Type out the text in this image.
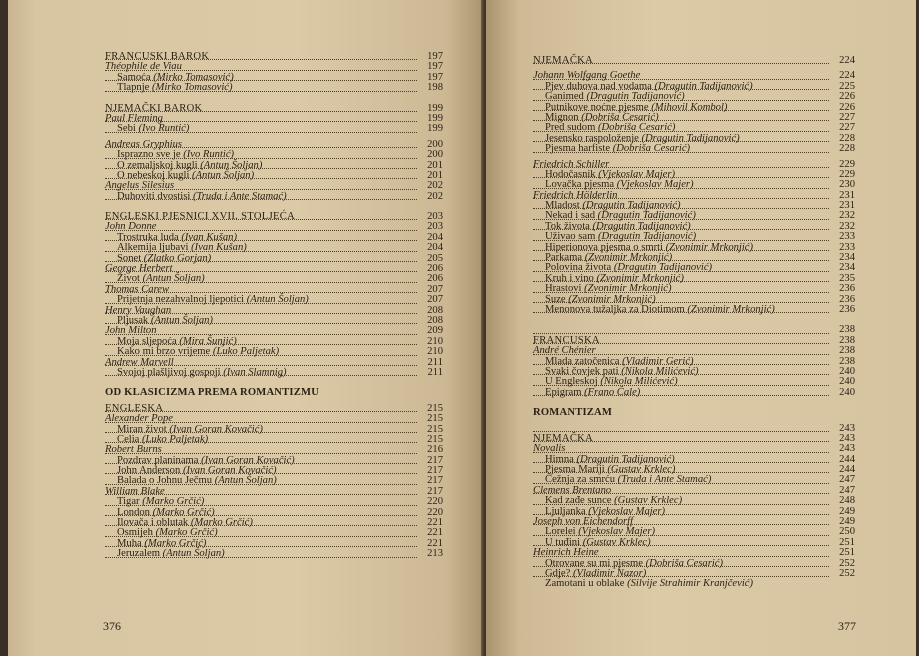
FRANCUSKI BAROK	197
Théophile de Viau	197
Samoća (Mirko Tomasović)	197
Tlapnje (Mirko Tomasović)	198
NJEMAČKI BAROK	199
Paul Fleming	199
Sebi (Ivo Runtić)	199
Andreas Gryphius	200
Isprazno sve je (Ivo Runtić)	200
O zemaljskoj kugli (Antun Šoljan)	201
O nebeskoj kugli (Antun Šoljan)	201
Angelus Silesius	202
Duhoviti dvostisi (Truda i Ante Stamać)	202
ENGLESKI PJESNICI XVII. STOLJEĆA	203
John Donne	203
Trostruka luda (Ivan Kušan)	204
Alkemija ljubavi (Ivan Kušan)	204
Sonet (Zlatko Gorjan)	205
George Herbert	206
Život (Antun Šoljan)	206
Thomas Carew	207
Prijetnja nezahvalnoj ljepotici (Antun Šoljan)	207
Henry Vaughan	208
Pljusak (Antun Šoljan)	208
John Milton	209
Moja sljepoća (Mira Šunjić)	210
Kako mi brzo vrijeme (Luko Paljetak)	210
Andrew Marvell	211
Svojoj plašljivoj gospoji (Ivan Slamnig)	211
OD KLASICIZMA PREMA ROMANTIZMU
ENGLESKA	215
Alexander Pope	215
Miran život (Ivan Goran Kovačić)	215
Celia (Luko Paljetak)	215
Robert Burns	216
Pozdrav planinama (Ivan Goran Kovačić)	217
John Anderson (Ivan Goran Kovačić)	217
Balada o Johnu Ječmu (Antun Šoljan)	217
William Blake	217
Tigar (Marko Grčić)	220
London (Marko Grčić)	220
Ilovača i oblutak (Marko Grčić)	221
Osmijeh (Marko Grčić)	221
Muha (Marko Grčić)	221
Jeruzalem (Antun Šoljan)	213
376
NJEMAČKA	224
Johann Wolfgang Goethe	224
Pjev duhova nad vodama (Dragutin Tadijanović)	225
Ganimed (Dragutin Tadijanović)	226
Putnikove noćne pjesme (Mihovil Kombol)	226
Mignon (Dobriša Cesarić)	227
Pred sudom (Dobriša Cesarić)	227
Jesensko raspoloženje (Dragutin Tadijanović)	228
Pjesma harfiste (Dobriša Cesarić)	228
Friedrich Schiller	229
Hodočasnik (Vjekoslav Majer)	229
Lovačka pjesma (Vjekoslav Majer)	230
Friedrich Hölderlin	231
Mladost (Dragutin Tadijanović)	231
Nekad i sad (Dragutin Tadijanović)	232
Tok života (Dragutin Tadijanović)	232
Uživao sam (Dragutin Tadijanović)	233
Hiperionova pjesma o smrti (Zvonimir Mrkonjić)	233
Parkama (Zvonimir Mrkonjić)	234
Polovina života (Dragutin Tadijanović)	234
Kruh i vino (Zvonimir Mrkonjić)	235
Hrastovi (Zvonimir Mrkonjić)	236
Suze (Zvonimir Mrkonjić)	236
Menonova tužaljka za Diotimom (Zvonimir Mrkonjić)	236
238
FRANCUSKA	238
André Chénier	238
Mlada zatočenica (Vladimir Gerić)	238
Svaki čovjek pati (Nikola Milićević)	240
U Engleskoj (Nikola Milićević)	240
Epigram (Frano Čale)	240
ROMANTIZAM
243
NJEMAČKA	243
Novalis	243
Himna (Dragutin Tadijanović)	244
Pjesma Mariji (Gustav Krklec)	244
Čežnja za smrću (Truda i Ante Stamać)	247
Clemens Brentano	247
Kad zađe sunce (Gustav Krklec)	248
Ljuljanka (Vjekoslav Majer)	249
Joseph von Eichendorff	249
Lorelei (Vjekoslav Majer)	250
U tuđini (Gustav Krklec)	251
Heinrich Heine	251
Otrovane su mi pjesme (Dobriša Cesarić)	252
Gdje? (Vladimir Nazor)	252
Zamotani u oblake (Silvije Strahimir Kranjčević)
377
